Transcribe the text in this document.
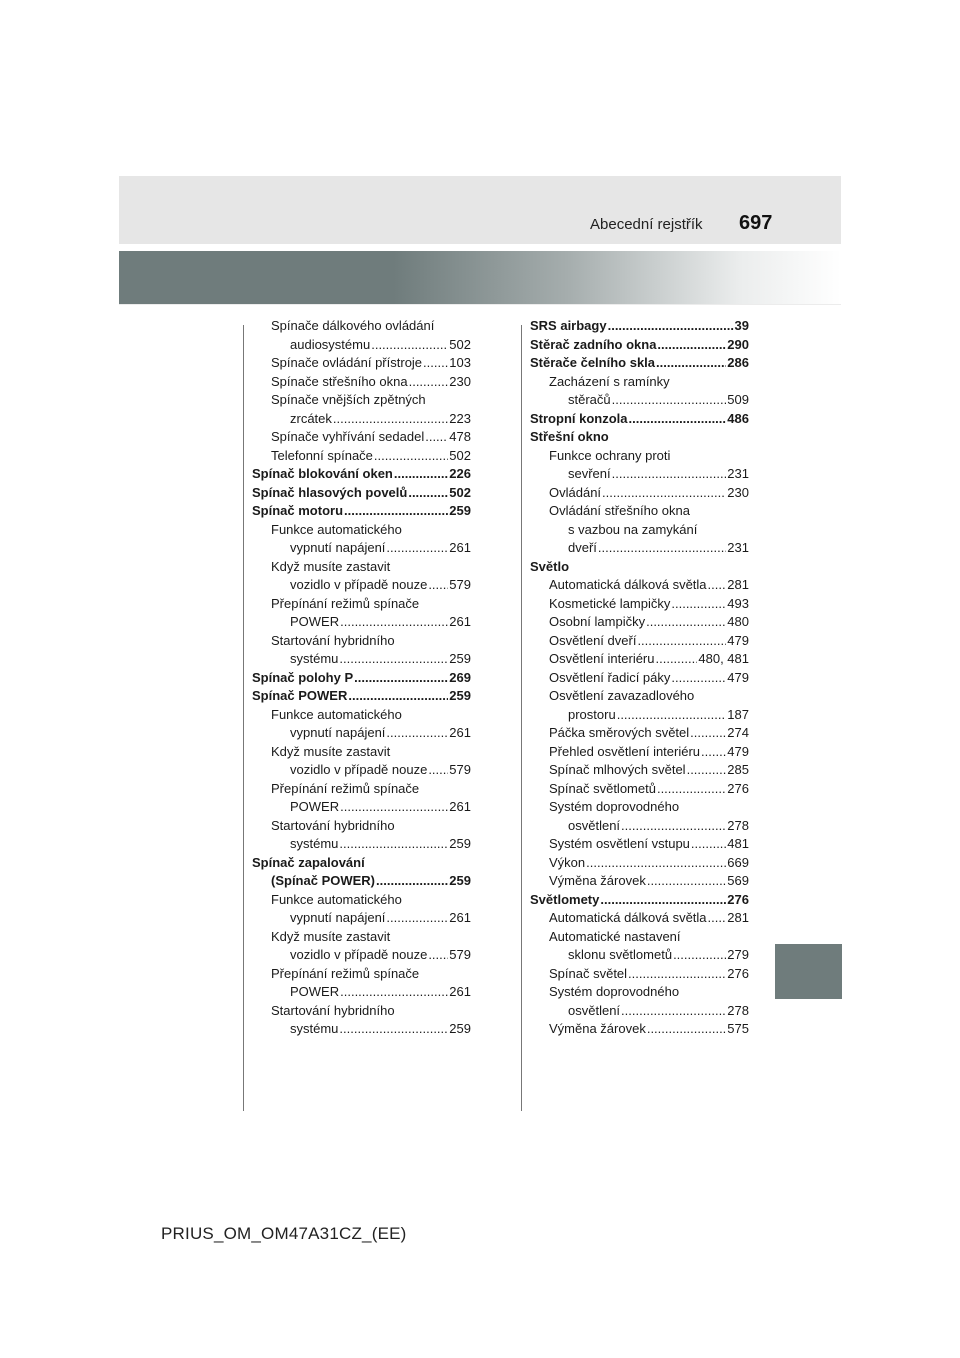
Abecední rejstřík 697
Spínače dálkového ovládání
audiosystému .....	502
Spínače ovládání přístroje ..... 103
Spínače střešního okna .....	230
Spínače vnějších zpětných
zrcátek .....	223
Spínače vyhřívání sedadel ..... 478
Telefonní spínače .....	502
Spínač blokování oken .....	226
Spínač hlasových povelů .....	502
Spínač motoru .....	259
Funkce automatického
vypnutí napájení .....	261
Když musíte zastavit
vozidlo v případě nouze ..... 579
Přepínání režimů spínače
POWER .....	261
Startování hybridního
systému .....	259
Spínač polohy P .....	269
Spínač POWER .....	259
Funkce automatického
vypnutí napájení .....	261
Když musíte zastavit
vozidlo v případě nouze ..... 579
Přepínání režimů spínače
POWER .....	261
Startování hybridního
systému .....	259
Spínač zapalování
(Spínač POWER) .....	259
Funkce automatického
vypnutí napájení .....	261
Když musíte zastavit
vozidlo v případě nouze ..... 579
Přepínání režimů spínače
POWER .....	261
Startování hybridního
systému .....	259
SRS airbagy .....	39
Stěrač zadního okna .....	290
Stěrače čelního skla .....	286
Zacházení s ramínky
stěračů .....	509
Stropní konzola .....	486
Střešní okno
Funkce ochrany proti
sevření .....	231
Ovládání .....	230
Ovládání střešního okna
s vazbou na zamykání
dveří .....	231
Světlo
Automatická dálková světla ..... 281
Kosmetické lampičky .....	493
Osobní lampičky .....	480
Osvětlení dveří .....	479
Osvětlení interiéru .....	480, 481
Osvětlení řadicí páky .....	479
Osvětlení zavazadlového
prostoru .....	187
Páčka směrových světel .....	274
Přehled osvětlení interiéru ..... 479
Spínač mlhových světel .....	285
Spínač světlometů .....	276
Systém doprovodného
osvětlení .....	278
Systém osvětlení vstupu .....	481
Výkon .....	669
Výměna žárovek .....	569
Světlomety .....	276
Automatická dálková světla ..... 281
Automatické nastavení
sklonu světlometů .....	279
Spínač světel .....	276
Systém doprovodného
osvětlení .....	278
Výměna žárovek .....	575
PRIUS_OM_OM47A31CZ_(EE)
